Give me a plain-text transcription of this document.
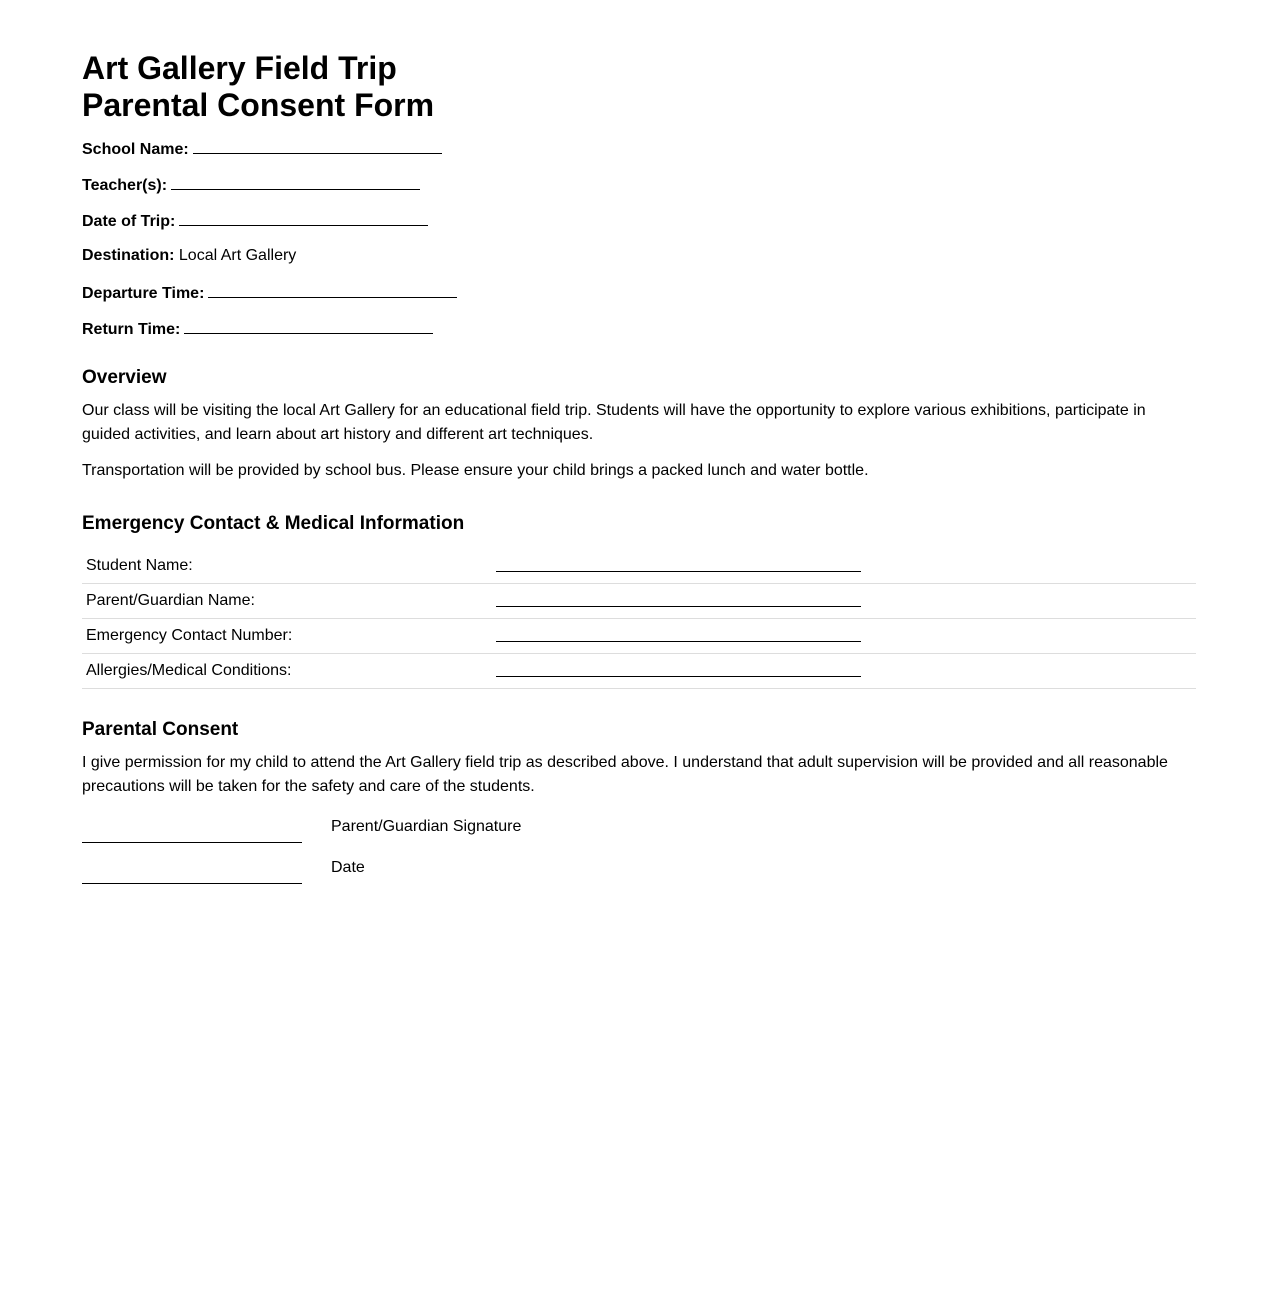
Art Gallery Field Trip
Parental Consent Form
School Name:
Teacher(s):
Date of Trip:
Destination: Local Art Gallery
Departure Time:
Return Time:
Overview

Our class will be visiting the local Art Gallery for an educational field trip. Students will have the opportunity to explore various exhibitions, participate in guided activities, and learn about art history and different art techniques.

Transportation will be provided by school bus. Please ensure your child brings a packed lunch and water bottle.

Emergency Contact & Medical Information
Student Name:	
Parent/Guardian Name:	
Emergency Contact Number:	
Allergies/Medical Conditions:	
Parental Consent

I give permission for my child to attend the Art Gallery field trip as described above. I understand that adult supervision will be provided and all reasonable precautions will be taken for the safety and care of the students.

Parent/Guardian Signature
Date
